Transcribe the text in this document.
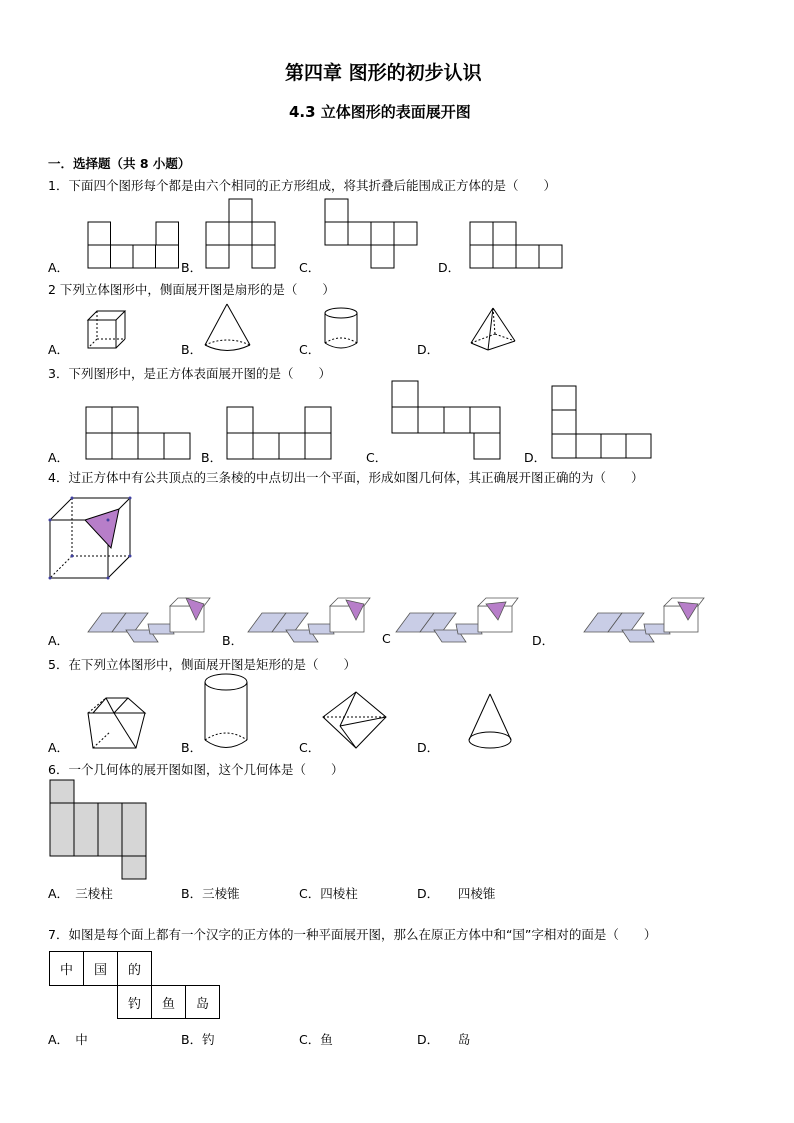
第四章 图形的初步认识
4.3 立体图形的表面展开图
一．选择题（共 8 小题）
1．下面四个图形每个都是由六个相同的正方形组成，将其折叠后能围成正方体的是（　　）
A．	B．	C．	D．
2 下列立体图形中，侧面展开图是扇形的是（　　）
A．	B．	C．	D．
3．下列图形中，是正方体表面展开图的是（　　）
A．	B．	C．	D．
4．过正方体中有公共顶点的三条棱的中点切出一个平面，形成如图几何体，其正确展开图正确的为（　　）
A．	B．	C	D．
5．在下列立体图形中，侧面展开图是矩形的是（　　）
A．	B．	C．	D．
6．一个几何体的展开图如图，这个几何体是（　　）
A．　三棱柱	B．三棱锥	C．四棱柱	D．　　四棱锥
7．如图是每个面上都有一个汉字的正方体的一种平面展开图，那么在原正方体中和“国”字相对的面是（　　）
中	国	的
钓	鱼	岛
A．　中	B．钓	C．鱼	D．　　岛
